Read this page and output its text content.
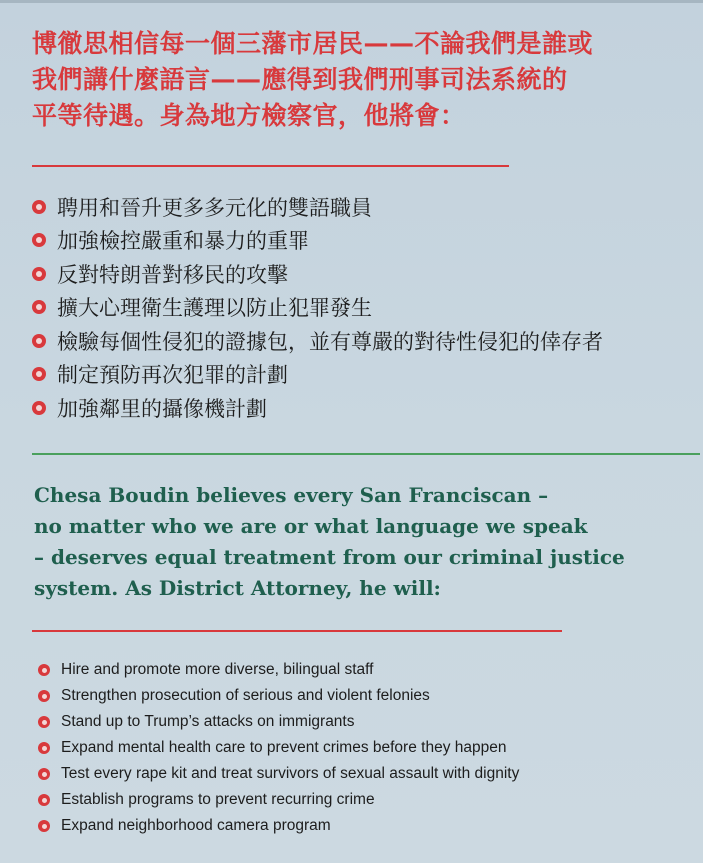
博徹思相信每一個三藩市居民——不論我們是誰或
我們講什麼語言——應得到我們刑事司法系統的
平等待遇。身為地方檢察官，他將會：
聘用和晉升更多多元化的雙語職員
加強檢控嚴重和暴力的重罪
反對特朗普對移民的攻擊
擴大心理衛生護理以防止犯罪發生
檢驗每個性侵犯的證據包，並有尊嚴的對待性侵犯的倖存者
制定預防再次犯罪的計劃
加強鄰里的攝像機計劃
Chesa Boudin believes every San Franciscan –
no matter who we are or what language we speak
– deserves equal treatment from our criminal justice
system. As District Attorney, he will:
Hire and promote more diverse, bilingual staff
Strengthen prosecution of serious and violent felonies
Stand up to Trump’s attacks on immigrants
Expand mental health care to prevent crimes before they happen
Test every rape kit and treat survivors of sexual assault with dignity
Establish programs to prevent recurring crime
Expand neighborhood camera program
